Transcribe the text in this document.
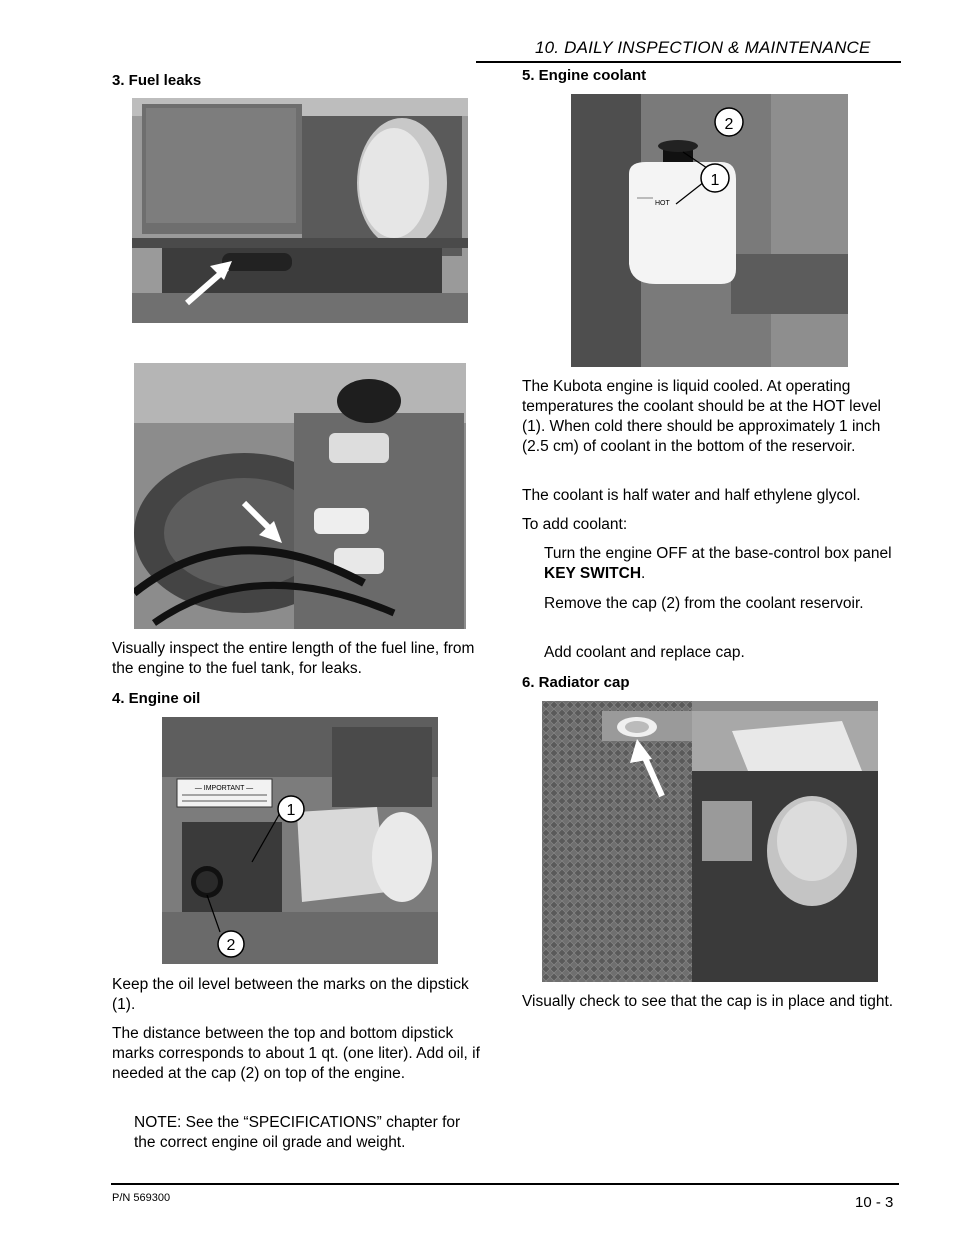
10. DAILY INSPECTION & MAINTENANCE
3. Fuel leaks
Visually inspect the entire length of the fuel line, from the engine to the fuel tank, for leaks.
4. Engine oil
— IMPORTANT —
1
2
Keep the oil level between the marks on the dipstick (1).
The distance between the top and bottom dipstick marks corresponds to about 1 qt. (one liter). Add oil, if needed at the cap (2) on top of the engine.
NOTE: See the “SPECIFICATIONS” chapter for the correct engine oil grade and weight.
5. Engine coolant
HOT
2
1
The Kubota engine is liquid cooled. At operating temperatures the coolant should be at the HOT level (1). When cold there should be approximately 1 inch (2.5 cm) of coolant in the bottom of the reservoir.
The coolant is half water and half ethylene glycol.
To add coolant:
Turn the engine OFF at the base-control box panel KEY SWITCH.
Remove the cap (2) from the coolant reservoir.
Add coolant and replace cap.
6. Radiator cap
Visually check to see that the cap is in place and tight.
P/N 569300	10 - 3
